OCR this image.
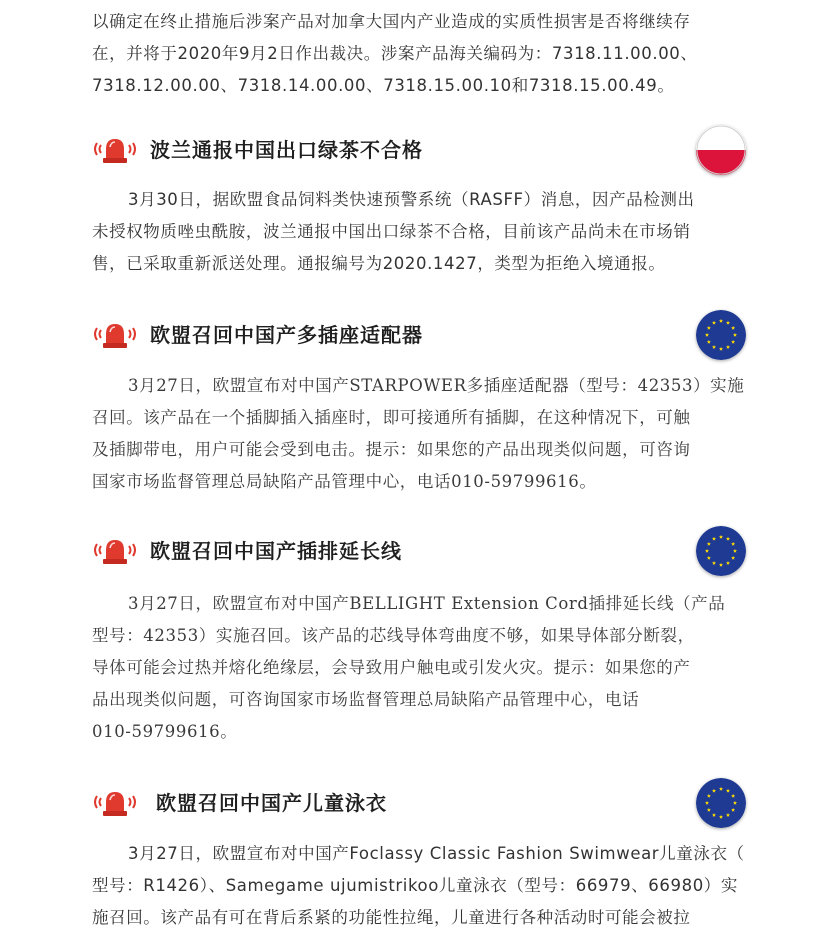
以确定在终止措施后涉案产品对加拿大国内产业造成的实质性损害是否将继续存
在，并将于2020年9月2日作出裁决。涉案产品海关编码为：7318.11.00.00、
7318.12.00.00、7318.14.00.00、7318.15.00.10和7318.15.00.49。
波兰通报中国出口绿茶不合格
3月30日，据欧盟食品饲料类快速预警系统（RASFF）消息，因产品检测出
未授权物质唑虫酰胺，波兰通报中国出口绿茶不合格，目前该产品尚未在市场销
售，已采取重新派送处理。通报编号为2020.1427，类型为拒绝入境通报。
欧盟召回中国产多插座适配器
3月27日，欧盟宣布对中国产STARPOWER多插座适配器（型号：42353）实施
召回。该产品在一个插脚插入插座时，即可接通所有插脚，在这种情况下，可触
及插脚带电，用户可能会受到电击。提示：如果您的产品出现类似问题，可咨询
国家市场监督管理总局缺陷产品管理中心，电话010-59799616。
欧盟召回中国产插排延长线
3月27日，欧盟宣布对中国产BELLIGHT Extension Cord插排延长线（产品
型号：42353）实施召回。该产品的芯线导体弯曲度不够，如果导体部分断裂，
导体可能会过热并熔化绝缘层，会导致用户触电或引发火灾。提示：如果您的产
品出现类似问题，可咨询国家市场监督管理总局缺陷产品管理中心，电话
010-59799616。
欧盟召回中国产儿童泳衣
3月27日，欧盟宣布对中国产Foclassy Classic Fashion Swimwear儿童泳衣（
型号：R1426）、Samegame ujumistrikoo儿童泳衣（型号：66979、66980）实
施召回。该产品有可在背后系紧的功能性拉绳，儿童进行各种活动时可能会被拉
